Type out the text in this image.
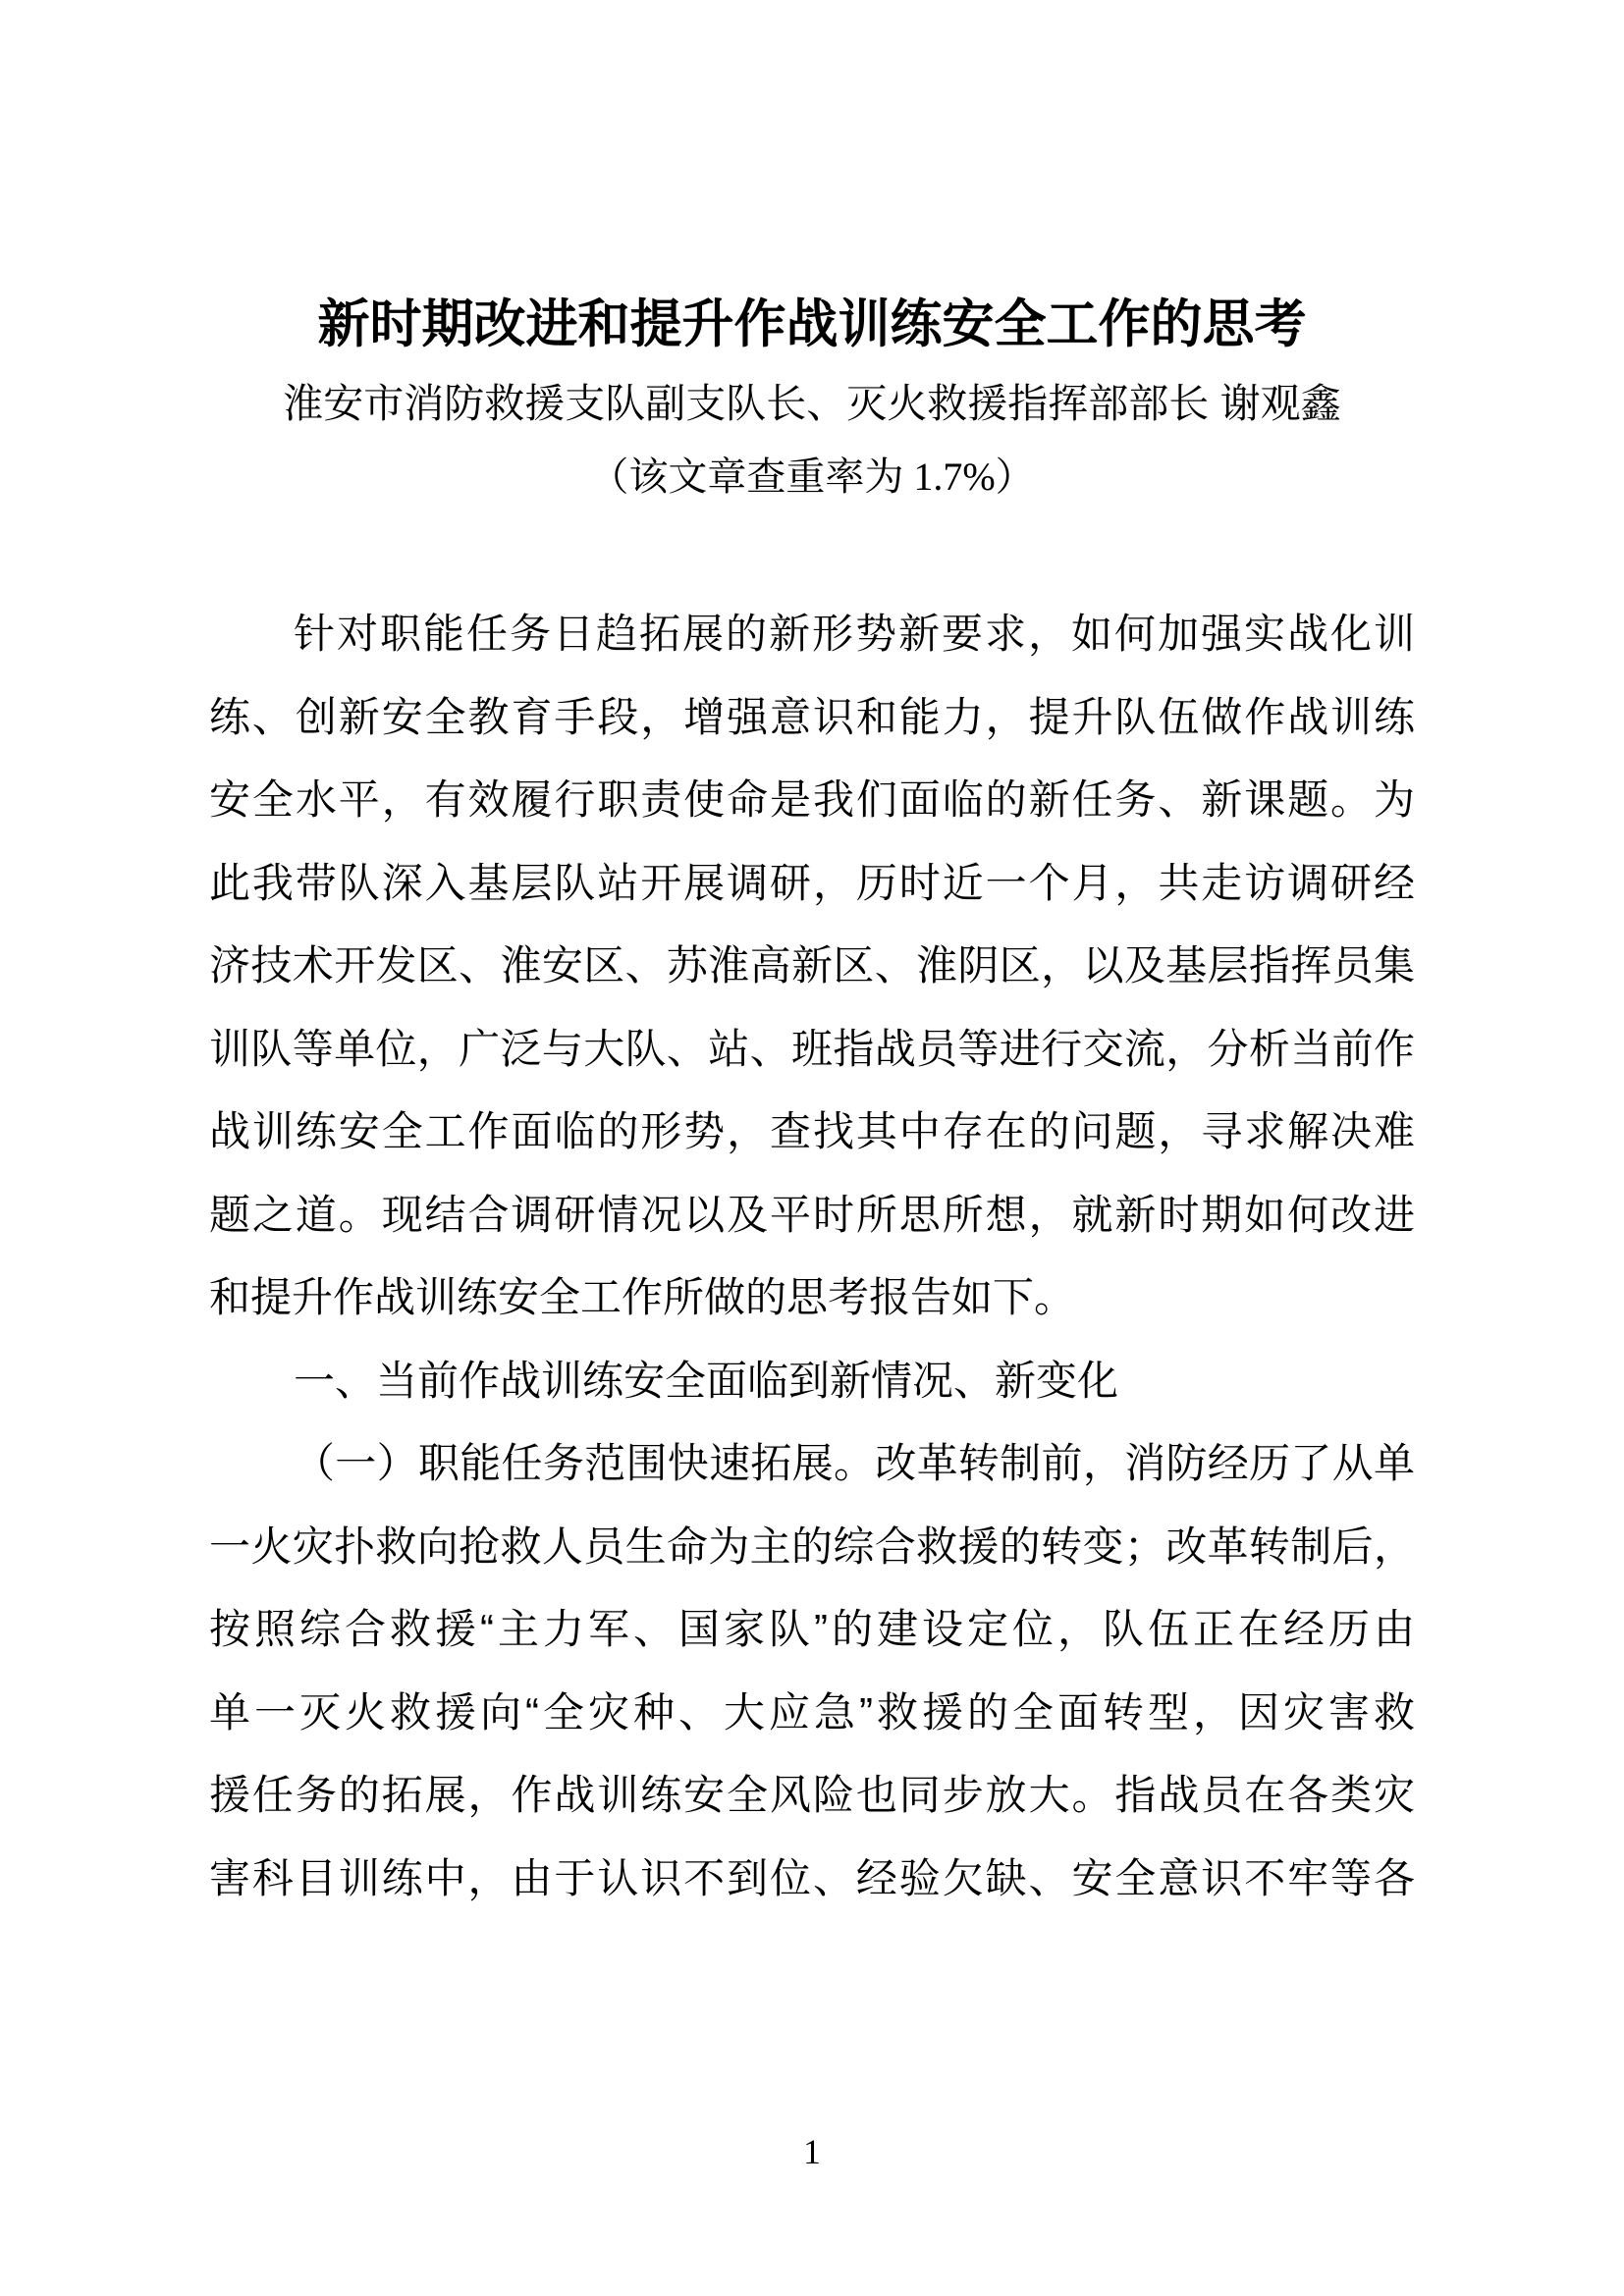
新时期改进和提升作战训练安全工作的思考
淮安市消防救援支队副支队长、灭火救援指挥部部长 谢观鑫
（该文章查重率为 1.7%）
针对职能任务日趋拓展的新形势新要求，如何加强实战化训
练、创新安全教育手段，增强意识和能力，提升队伍做作战训练
安全水平，有效履行职责使命是我们面临的新任务、新课题。为
此我带队深入基层队站开展调研，历时近一个月，共走访调研经
济技术开发区、淮安区、苏淮高新区、淮阴区，以及基层指挥员集
训队等单位，广泛与大队、站、班指战员等进行交流，分析当前作
战训练安全工作面临的形势，查找其中存在的问题，寻求解决难
题之道。现结合调研情况以及平时所思所想，就新时期如何改进
和提升作战训练安全工作所做的思考报告如下。
一、当前作战训练安全面临到新情况、新变化
（一）职能任务范围快速拓展。改革转制前，消防经历了从单
一火灾扑救向抢救人员生命为主的综合救援的转变；改革转制后，
按照综合救援“主力军、国家队”的建设定位，队伍正在经历由
单一灭火救援向“全灾种、大应急”救援的全面转型，因灾害救
援任务的拓展，作战训练安全风险也同步放大。指战员在各类灾
害科目训练中，由于认识不到位、经验欠缺、安全意识不牢等各
1
